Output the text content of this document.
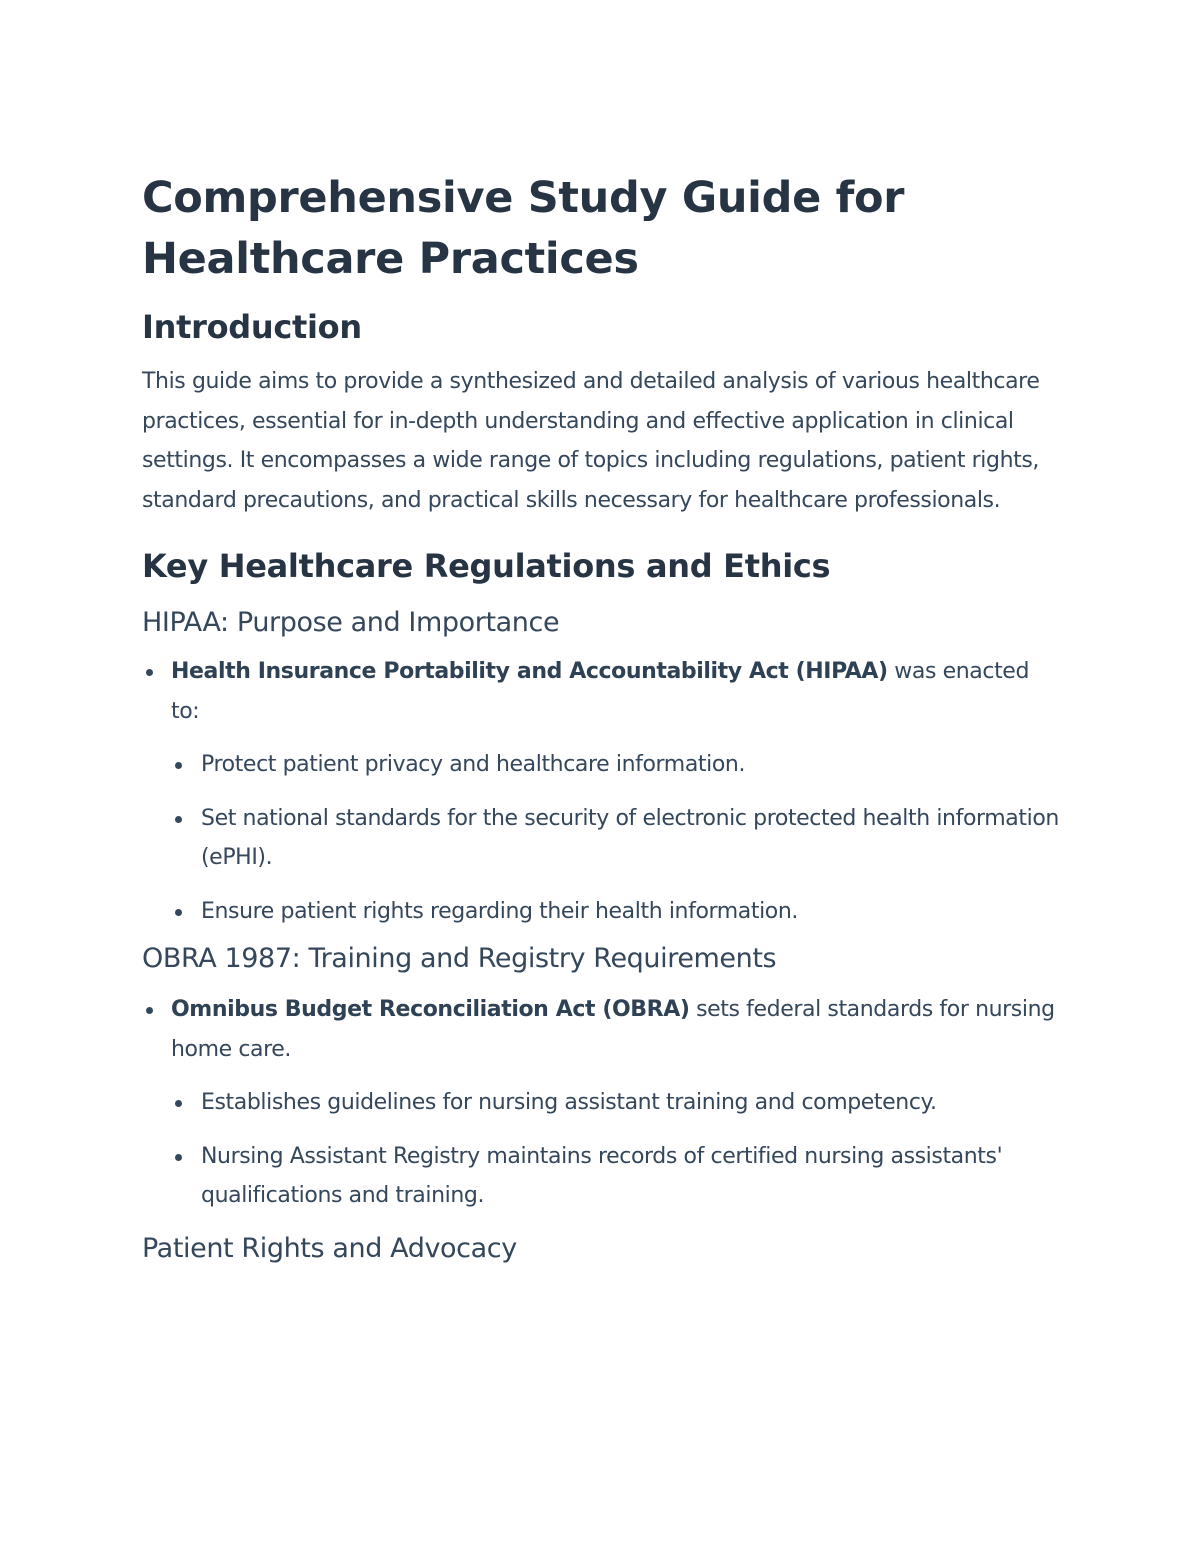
Comprehensive Study Guide for Healthcare Practices
Introduction

This guide aims to provide a synthesized and detailed analysis of various healthcare practices, essential for in-depth understanding and effective application in clinical settings. It encompasses a wide range of topics including regulations, patient rights, standard precautions, and practical skills necessary for healthcare professionals.

Key Healthcare Regulations and Ethics
HIPAA: Purpose and Importance
Health Insurance Portability and Accountability Act (HIPAA) was enacted to:
Protect patient privacy and healthcare information.
Set national standards for the security of electronic protected health information (ePHI).
Ensure patient rights regarding their health information.
OBRA 1987: Training and Registry Requirements
Omnibus Budget Reconciliation Act (OBRA) sets federal standards for nursing home care.
Establishes guidelines for nursing assistant training and competency.
Nursing Assistant Registry maintains records of certified nursing assistants' qualifications and training.
Patient Rights and Advocacy
